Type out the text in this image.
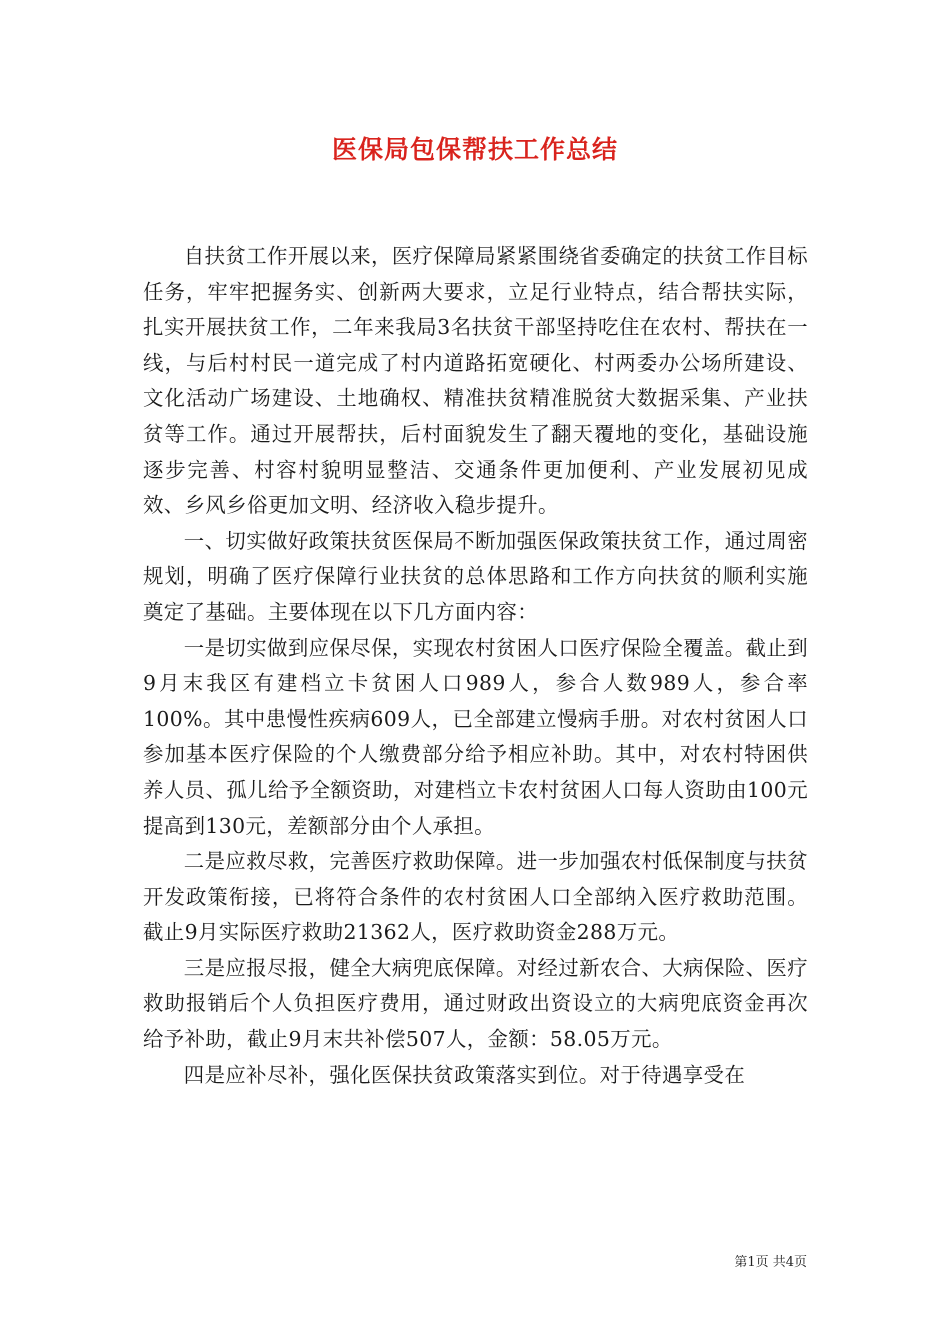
医保局包保帮扶工作总结

自扶贫工作开展以来，医疗保障局紧紧围绕省委确定的扶贫工作目标任务，牢牢把握务实、创新两大要求，立足行业特点，结合帮扶实际，扎实开展扶贫工作，二年来我局3名扶贫干部坚持吃住在农村、帮扶在一线，与后村村民一道完成了村内道路拓宽硬化、村两委办公场所建设、文化活动广场建设、土地确权、精准扶贫精准脱贫大数据采集、产业扶贫等工作。通过开展帮扶，后村面貌发生了翻天覆地的变化，基础设施逐步完善、村容村貌明显整洁、交通条件更加便利、产业发展初见成效、乡风乡俗更加文明、经济收入稳步提升。

一、切实做好政策扶贫医保局不断加强医保政策扶贫工作，通过周密规划，明确了医疗保障行业扶贫的总体思路和工作方向扶贫的顺利实施奠定了基础。主要体现在以下几方面内容：

一是切实做到应保尽保，实现农村贫困人口医疗保险全覆盖。截止到9月末我区有建档立卡贫困人口989人，参合人数989人，参合率100%。其中患慢性疾病609人，已全部建立慢病手册。对农村贫困人口参加基本医疗保险的个人缴费部分给予相应补助。其中，对农村特困供养人员、孤儿给予全额资助，对建档立卡农村贫困人口每人资助由100元提高到130元，差额部分由个人承担。

二是应救尽救，完善医疗救助保障。进一步加强农村低保制度与扶贫开发政策衔接，已将符合条件的农村贫困人口全部纳入医疗救助范围。截止9月实际医疗救助21362人，医疗救助资金288万元。

三是应报尽报，健全大病兜底保障。对经过新农合、大病保险、医疗救助报销后个人负担医疗费用，通过财政出资设立的大病兜底资金再次给予补助，截止9月末共补偿507人，金额：58.05万元。

四是应补尽补，强化医保扶贫政策落实到位。对于待遇享受在

第1页 共4页
